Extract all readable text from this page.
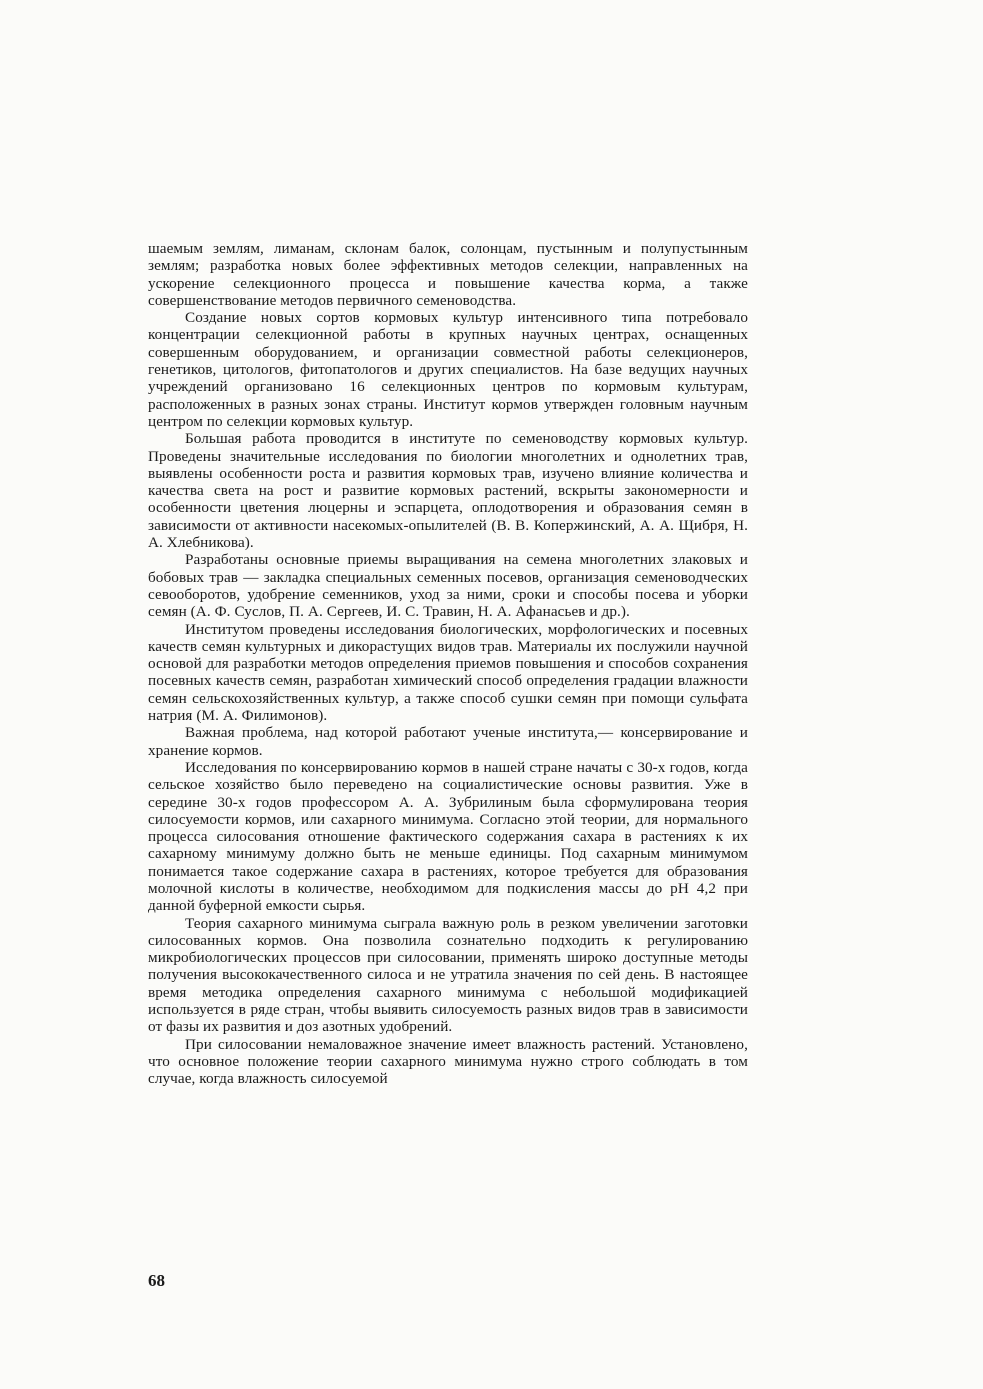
шаемым землям, лиманам, склонам балок, солонцам, пустынным и полупустынным землям; разработка новых более эффективных методов селекции, направленных на ускорение селекционного процесса и повышение качества корма, а также совершенствование методов первичного семеноводства.

Создание новых сортов кормовых культур интенсивного типа потребовало концентрации селекционной работы в крупных научных центрах, оснащенных совершенным оборудованием, и организации совместной работы селекционеров, генетиков, цитологов, фитопатологов и других специалистов. На базе ведущих научных учреждений организовано 16 селекционных центров по кормовым культурам, расположенных в разных зонах страны. Институт кормов утвержден головным научным центром по селекции кормовых культур.

Большая работа проводится в институте по семеноводству кормовых культур. Проведены значительные исследования по биологии многолетних и однолетних трав, выявлены особенности роста и развития кормовых трав, изучено влияние количества и качества света на рост и развитие кормовых растений, вскрыты закономерности и особенности цветения люцерны и эспарцета, оплодотворения и образования семян в зависимости от активности насекомых-опылителей (В. В. Копержинский, А. А. Щибря, Н. А. Хлебникова).

Разработаны основные приемы выращивания на семена многолетних злаковых и бобовых трав — закладка специальных семенных посевов, организация семеноводческих севооборотов, удобрение семенников, уход за ними, сроки и способы посева и уборки семян (А. Ф. Суслов, П. А. Сергеев, И. С. Травин, Н. А. Афанасьев и др.).

Институтом проведены исследования биологических, морфологических и посевных качеств семян культурных и дикорастущих видов трав. Материалы их послужили научной основой для разработки методов определения приемов повышения и способов сохранения посевных качеств семян, разработан химический способ определения градации влажности семян сельскохозяйственных культур, а также способ сушки семян при помощи сульфата натрия (М. А. Филимонов).

Важная проблема, над которой работают ученые института,— консервирование и хранение кормов.

Исследования по консервированию кормов в нашей стране начаты с 30-х годов, когда сельское хозяйство было переведено на социалистические основы развития. Уже в середине 30-х годов профессором А. А. Зубрилиным была сформулирована теория силосуемости кормов, или сахарного минимума. Согласно этой теории, для нормального процесса силосования отношение фактического содержания сахара в растениях к их сахарному минимуму должно быть не меньше единицы. Под сахарным минимумом понимается такое содержание сахара в растениях, которое требуется для образования молочной кислоты в количестве, необходимом для подкисления массы до pH 4,2 при данной буферной емкости сырья.

Теория сахарного минимума сыграла важную роль в резком увеличении заготовки силосованных кормов. Она позволила сознательно подходить к регулированию микробиологических процессов при силосовании, применять широко доступные методы получения высококачественного силоса и не утратила значения по сей день. В настоящее время методика определения сахарного минимума с небольшой модификацией используется в ряде стран, чтобы выявить силосуемость разных видов трав в зависимости от фазы их развития и доз азотных удобрений.

При силосовании немаловажное значение имеет влажность растений. Установлено, что основное положение теории сахарного минимума нужно строго соблюдать в том случае, когда влажность силосуемой

68
